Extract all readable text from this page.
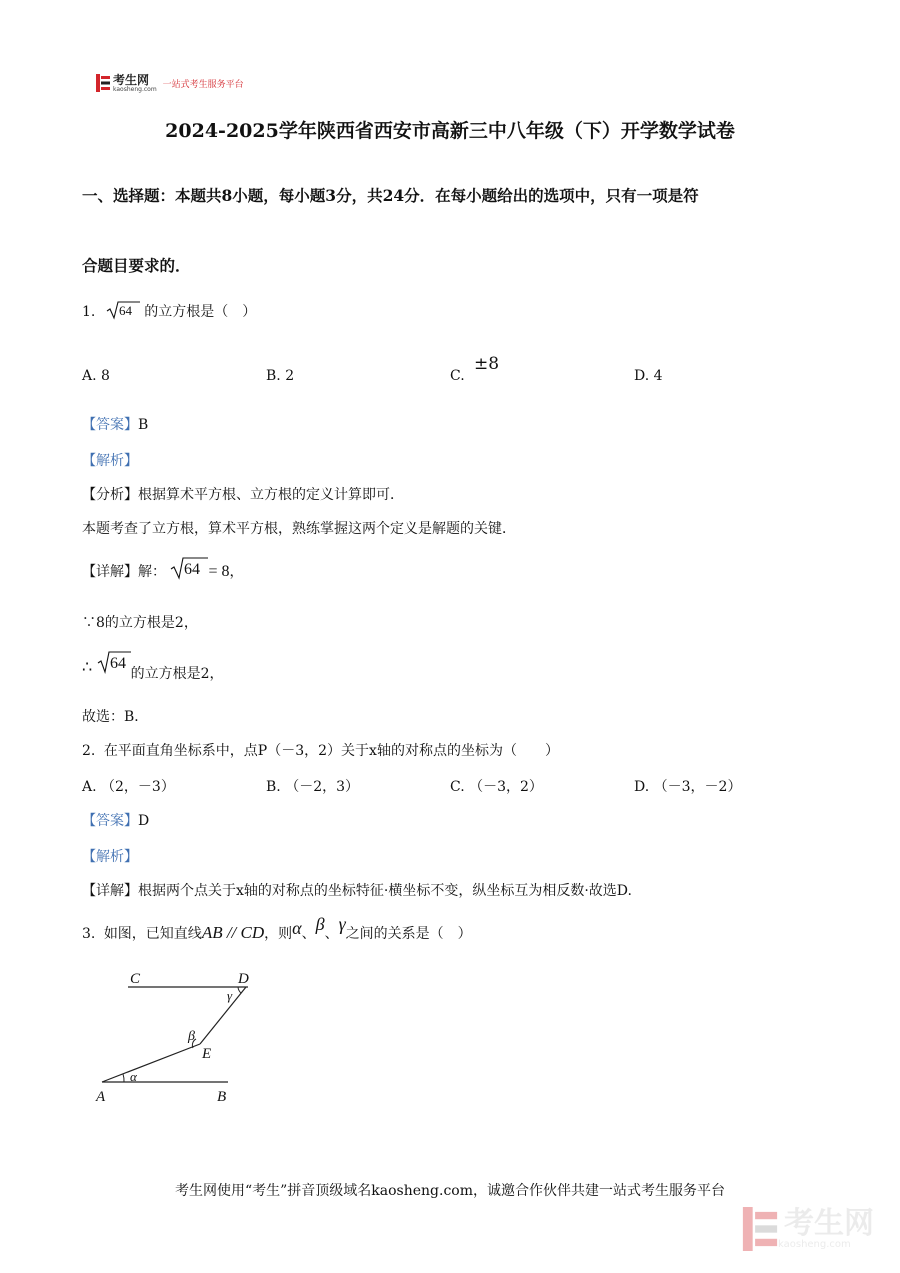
考生网
kaosheng.com 一站式考生服务平台
2024-2025学年陕西省西安市高新三中八年级（下）开学数学试卷
一、选择题：本题共8小题，每小题3分，共24分．在每小题给出的选项中，只有一项是符
合题目要求的．
1. 64 的立方根是（　）
A. 8	B. 2	C.
±8
D. 4
【答案】B
【解析】
【分析】根据算术平方根、立方根的定义计算即可．
本题考查了立方根，算术平方根，熟练掌握这两个定义是解题的关键．
【详解】解： 64 = 8，
∵8的立方根是2，
∴ 64
的立方根是2，
故选：B．
2. 在平面直角坐标系中，点P（－3，2）关于x轴的对称点的坐标为（　　）
A. （2，－3）	B. （－2，3）	C. （－3，2）	D. （－3，－2）
【答案】D
【解析】
【详解】根据两个点关于x轴的对称点的坐标特征·横坐标不变，纵坐标互为相反数·故选D.
3. 如图，已知直线AB // CD，则α、β、γ之间的关系是（　）
C	D
γ
β
E
α
A	B
考生网使用“考生”拼音顶级域名kaosheng.com，诚邀合作伙伴共建一站式考生服务平台
考生网
kaosheng.com
